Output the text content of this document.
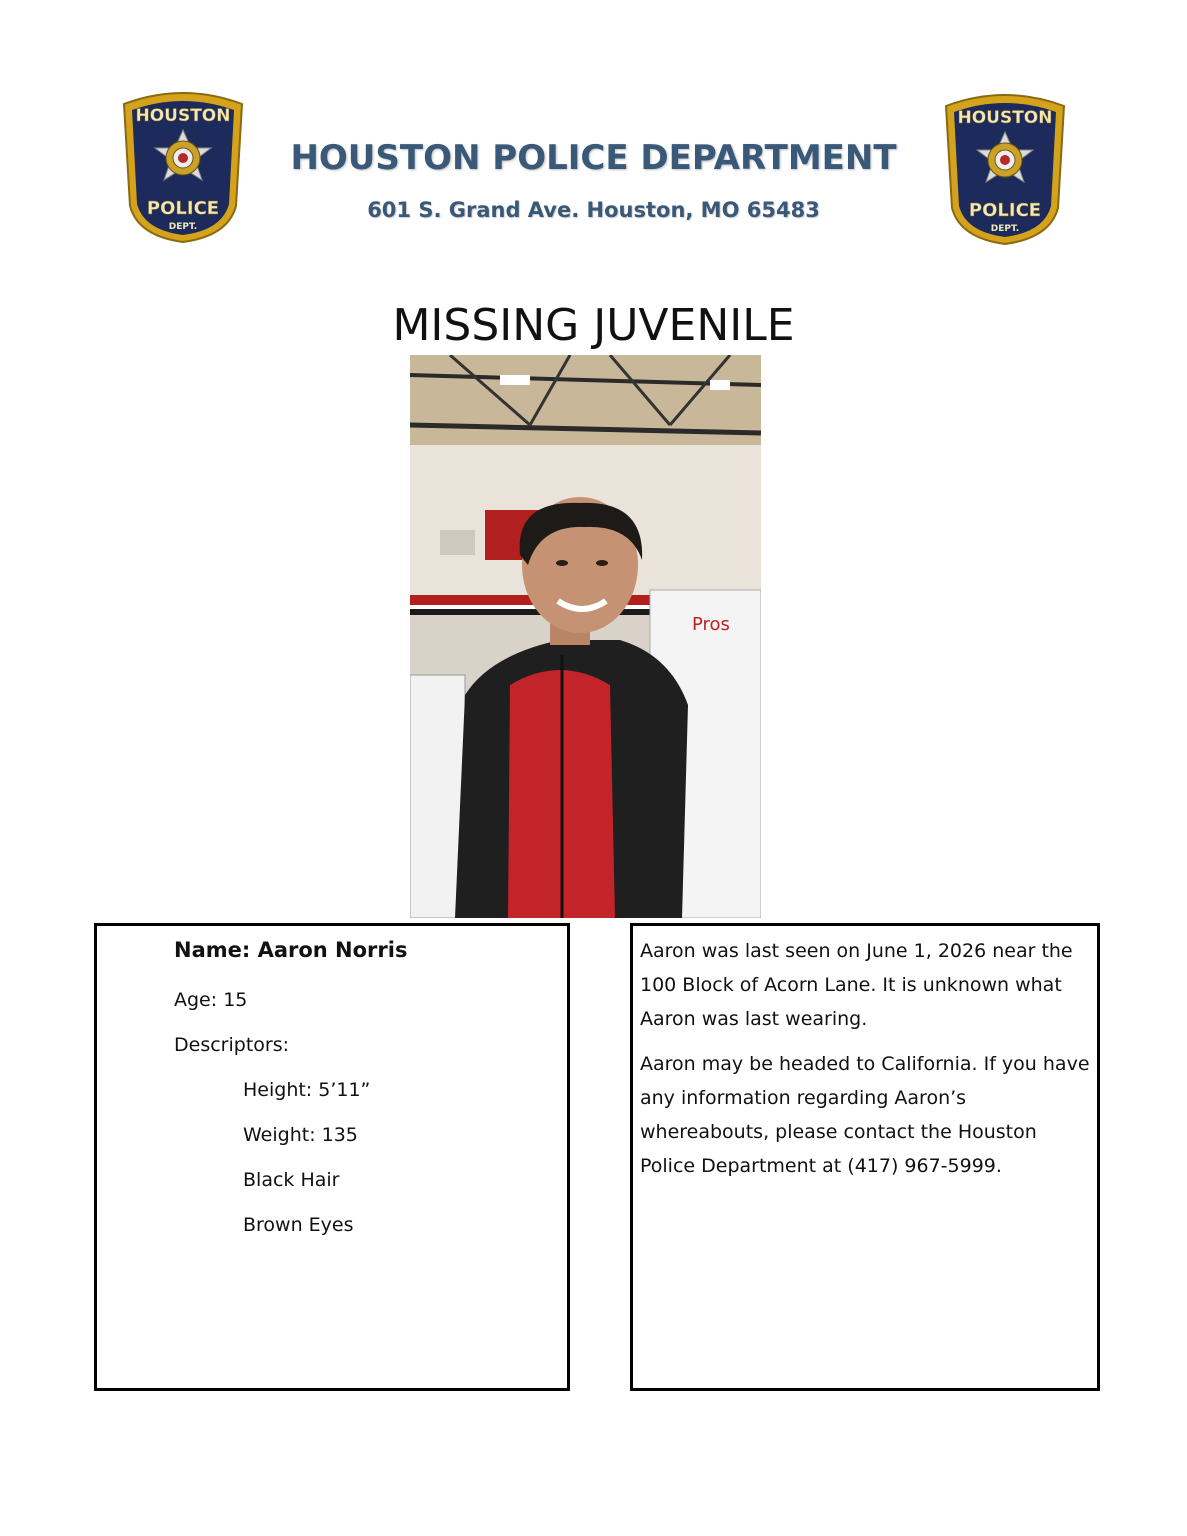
HOUSTON
POLICE
DEPT.
HOUSTON
POLICE
DEPT.
HOUSTON POLICE DEPARTMENT
601 S. Grand Ave. Houston, MO 65483
MISSING JUVENILE
Pros
Name: Aaron Norris
Age: 15
Descriptors:
Height: 5’11”
Weight: 135
Black Hair
Brown Eyes

Aaron was last seen on June 1, 2026 near the 100 Block of Acorn Lane. It is unknown what Aaron was last wearing.

Aaron may be headed to California. If you have any information regarding Aaron’s whereabouts, please contact the Houston Police Department at (417) 967-5999.
